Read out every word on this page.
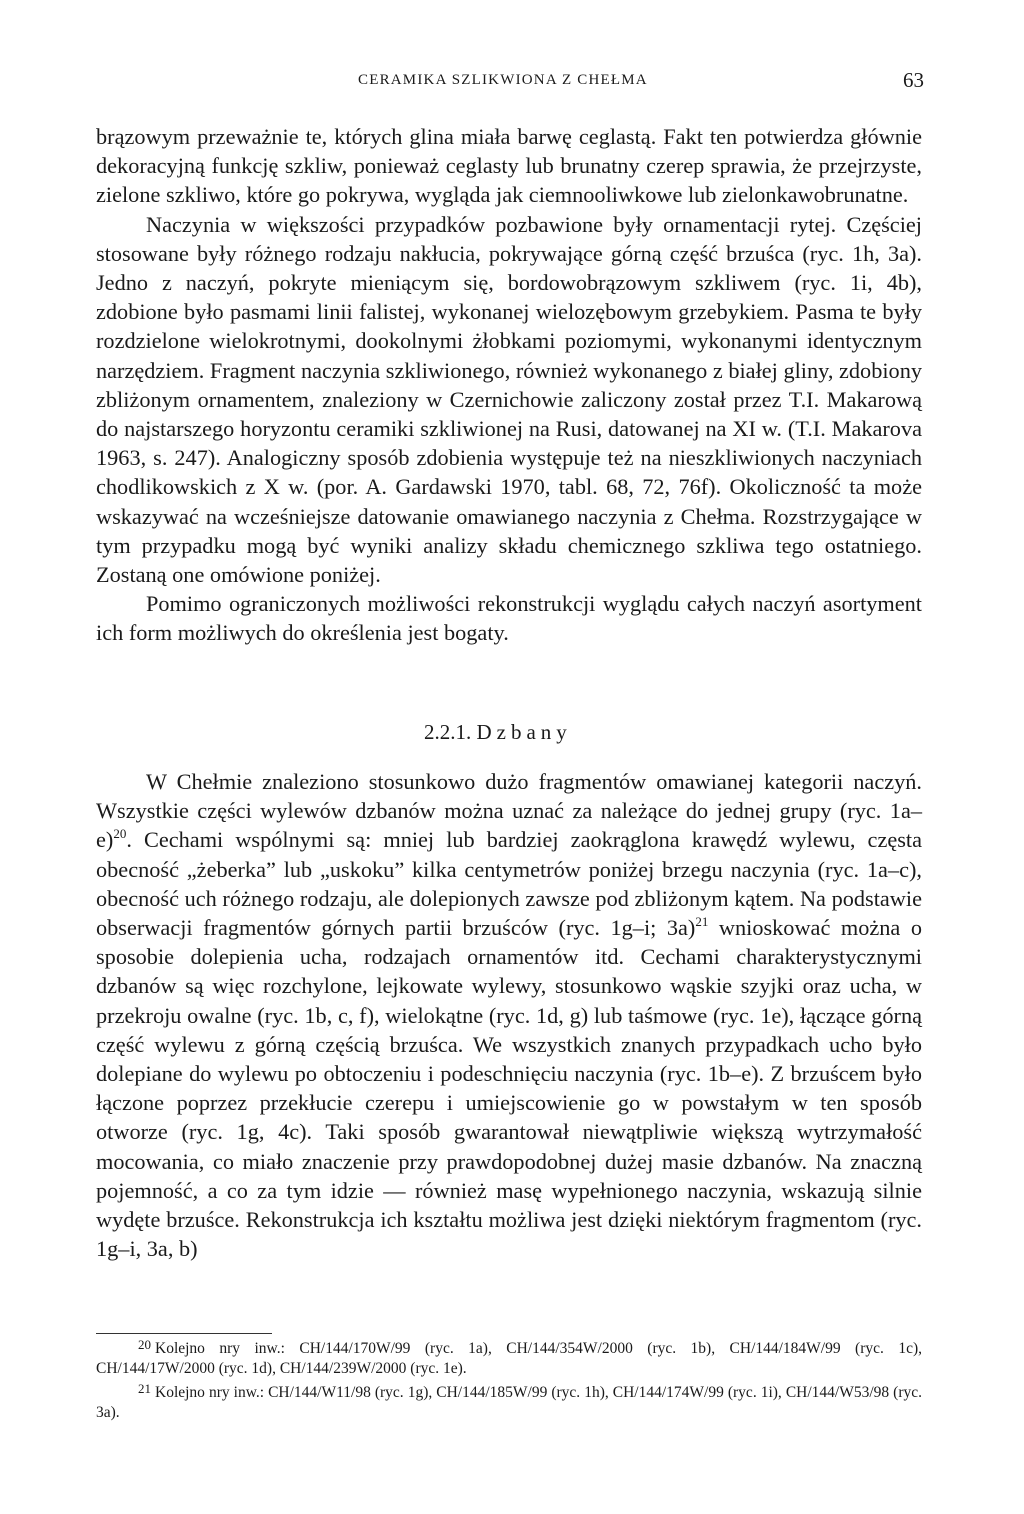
CERAMIKA SZLIKWIONA Z CHEŁMA	63

brązowym przeważnie te, których glina miała barwę ceglastą. Fakt ten potwierdza głównie dekoracyjną funkcję szkliw, ponieważ ceglasty lub brunatny czerep sprawia, że przejrzyste, zielone szkliwo, które go pokrywa, wygląda jak ciemnooliwkowe lub zielonkawobrunatne.

Naczynia w większości przypadków pozbawione były ornamentacji rytej. Częściej stosowane były różnego rodzaju nakłucia, pokrywające górną część brzuśca (ryc. 1h, 3a). Jedno z naczyń, pokryte mieniącym się, bordowobrązowym szkliwem (ryc. 1i, 4b), zdobione było pasmami linii falistej, wykonanej wielozębowym grzebykiem. Pasma te były rozdzielone wielokrotnymi, dookolnymi żłobkami poziomymi, wykonanymi identycznym narzędziem. Fragment naczynia szkliwionego, również wykonanego z białej gliny, zdobiony zbliżonym ornamentem, znaleziony w Czernichowie zaliczony został przez T.I. Makarową do najstarszego horyzontu ceramiki szkliwionej na Rusi, datowanej na XI w. (T.I. Makarova 1963, s. 247). Analogiczny sposób zdobienia występuje też na nieszkliwionych naczyniach chodlikowskich z X w. (por. A. Gardawski 1970, tabl. 68, 72, 76f). Okoliczność ta może wskazywać na wcześniejsze datowanie omawianego naczynia z Chełma. Rozstrzygające w tym przypadku mogą być wyniki analizy składu chemicznego szkliwa tego ostatniego. Zostaną one omówione poniżej.

Pomimo ograniczonych możliwości rekonstrukcji wyglądu całych naczyń asortyment ich form możliwych do określenia jest bogaty.

2.2.1. Dzbany

W Chełmie znaleziono stosunkowo dużo fragmentów omawianej kategorii naczyń. Wszystkie części wylewów dzbanów można uznać za należące do jednej grupy (ryc. 1a–e)$^{20}$. Cechami wspólnymi są: mniej lub bardziej zaokrąglona krawędź wylewu, częsta obecność „żeberka” lub „uskoku” kilka centymetrów poniżej brzegu naczynia (ryc. 1a–c), obecność uch różnego rodzaju, ale dolepionych zawsze pod zbliżonym kątem. Na podstawie obserwacji fragmentów górnych partii brzuśców (ryc. 1g–i; 3a)$^{21}$ wnioskować można o sposobie dolepienia ucha, rodzajach ornamentów itd. Cechami charakterystycznymi dzbanów są więc rozchylone, lejkowate wylewy, stosunkowo wąskie szyjki oraz ucha, w przekroju owalne (ryc. 1b, c, f), wielokątne (ryc. 1d, g) lub taśmowe (ryc. 1e), łączące górną część wylewu z górną częścią brzuśca. We wszystkich znanych przypadkach ucho było dolepiane do wylewu po obtoczeniu i podeschnięciu naczynia (ryc. 1b–e). Z brzuścem było łączone poprzez przekłucie czerepu i umiejscowienie go w powstałym w ten sposób otworze (ryc. 1g, 4c). Taki sposób gwarantował niewątpliwie większą wytrzymałość mocowania, co miało znaczenie przy prawdopodobnej dużej masie dzbanów. Na znaczną pojemność, a co za tym idzie — również masę wypełnionego naczynia, wskazują silnie wydęte brzuśce. Rekonstrukcja ich kształtu możliwa jest dzięki niektórym fragmentom (ryc. 1g–i, 3a, b)

$^{20}$ Kolejno nry inw.: CH/144/170W/99 (ryc. 1a), CH/144/354W/2000 (ryc. 1b), CH/144/184W/99 (ryc. 1c), CH/144/17W/2000 (ryc. 1d), CH/144/239W/2000 (ryc. 1e).

$^{21}$ Kolejno nry inw.: CH/144/W11/98 (ryc. 1g), CH/144/185W/99 (ryc. 1h), CH/144/174W/99 (ryc. 1i), CH/144/W53/98 (ryc. 3a).
